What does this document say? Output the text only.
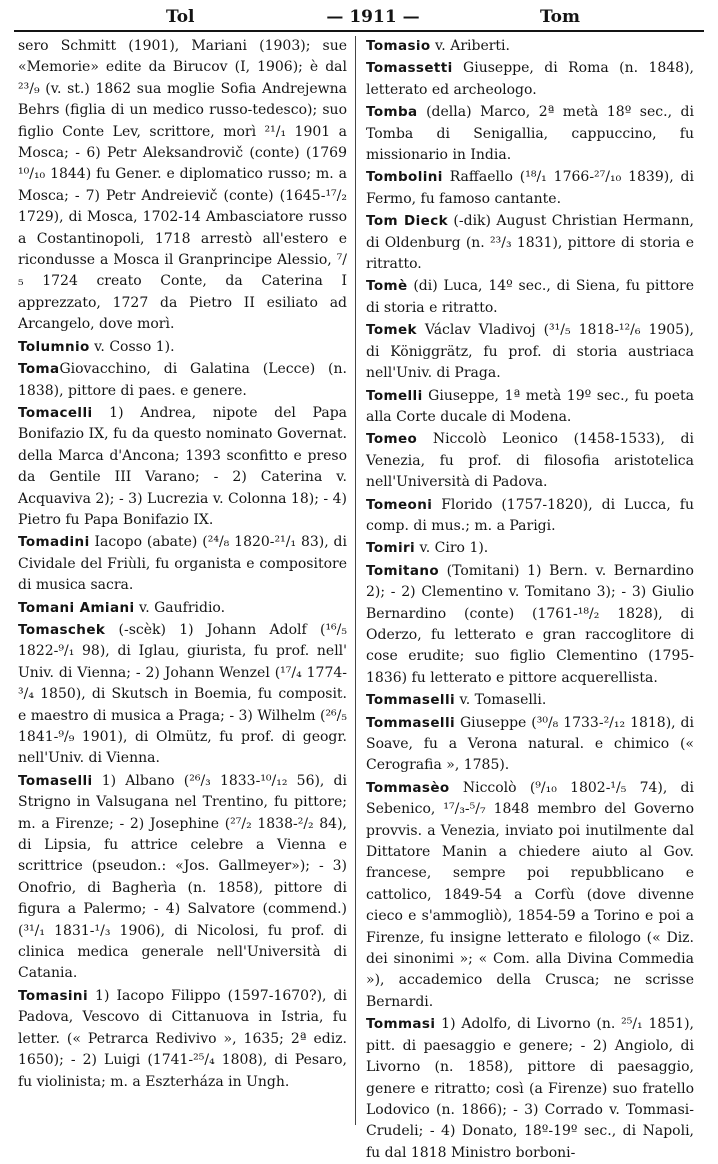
Tol	— 1911 —	Tom

sero Schmitt (1901), Mariani (1903); sue «Memorie» edite da Birucov (I, 1906); è dal ²³/₉ (v. st.) 1862 sua moglie Sofia Andrejewna Behrs (figlia di un medico russo-tedesco); suo figlio Conte Lev, scrittore, morì ²¹/₁ 1901 a Mosca; - 6) Petr Aleksandrovič (conte) (1769 ¹⁰/₁₀ 1844) fu Gener. e diplomatico russo; m. a Mosca; - 7) Petr Andreievič (conte) (1645-¹⁷/₂ 1729), di Mosca, 1702-14 Ambasciatore russo a Costantinopoli, 1718 arrestò all'estero e ricondusse a Mosca il Granprincipe Alessio, ⁷/₅ 1724 creato Conte, da Caterina I apprezzato, 1727 da Pietro II esiliato ad Arcangelo, dove morì.

Tolumnio v. Cosso 1).

TomaGiovacchino, di Galatina (Lecce) (n. 1838), pittore di paes. e genere.

Tomacelli 1) Andrea, nipote del Papa Bonifazio IX, fu da questo nominato Governat. della Marca d'Ancona; 1393 sconfitto e preso da Gentile III Varano; - 2) Caterina v. Acquaviva 2); - 3) Lucrezia v. Colonna 18); - 4) Pietro fu Papa Bonifazio IX.

Tomadini Iacopo (abate) (²⁴/₈ 1820-²¹/₁ 83), di Cividale del Friùli, fu organista e compositore di musica sacra.

Tomani Amiani v. Gaufridio.

Tomaschek (-scèk) 1) Johann Adolf (¹⁶/₅ 1822-⁹/₁ 98), di Iglau, giurista, fu prof. nell' Univ. di Vienna; - 2) Johann Wenzel (¹⁷/₄ 1774-³/₄ 1850), di Skutsch in Boemia, fu composit. e maestro di musica a Praga; - 3) Wilhelm (²⁶/₅ 1841-⁹/₉ 1901), di Olmütz, fu prof. di geogr. nell'Univ. di Vienna.

Tomaselli 1) Albano (²⁶/₃ 1833-¹⁰/₁₂ 56), di Strigno in Valsugana nel Trentino, fu pittore; m. a Firenze; - 2) Josephine (²⁷/₂ 1838-²/₂ 84), di Lipsia, fu attrice celebre a Vienna e scrittrice (pseudon.: «Jos. Gallmeyer»); - 3) Onofrio, di Bagherìa (n. 1858), pittore di figura a Palermo; - 4) Salvatore (commend.) (³¹/₁ 1831-¹/₃ 1906), di Nicolosi, fu prof. di clinica medica generale nell'Università di Catania.

Tomasini 1) Iacopo Filippo (1597-1670?), di Padova, Vescovo di Cittanuova in Istria, fu letter. (« Petrarca Redivivo », 1635; 2ª ediz. 1650); - 2) Luigi (1741-²⁵/₄ 1808), di Pesaro, fu violinista; m. a Eszterháza in Ungh.

Tomasio v. Ariberti.

Tomassetti Giuseppe, di Roma (n. 1848), letterato ed archeologo.

Tomba (della) Marco, 2ª metà 18º sec., di Tomba di Senigallia, cappuccino, fu missionario in India.

Tombolini Raffaello (¹⁸/₁ 1766-²⁷/₁₀ 1839), di Fermo, fu famoso cantante.

Tom Dieck (-dik) August Christian Hermann, di Oldenburg (n. ²³/₃ 1831), pittore di storia e ritratto.

Tomè (di) Luca, 14º sec., di Siena, fu pittore di storia e ritratto.

Tomek Václav Vladivoj (³¹/₅ 1818-¹²/₆ 1905), di Königgrätz, fu prof. di storia austriaca nell'Univ. di Praga.

Tomelli Giuseppe, 1ª metà 19º sec., fu poeta alla Corte ducale di Modena.

Tomeo Niccolò Leonico (1458-1533), di Venezia, fu prof. di filosofia aristotelica nell'Università di Padova.

Tomeoni Florido (1757-1820), di Lucca, fu comp. di mus.; m. a Parigi.

Tomiri v. Ciro 1).

Tomitano (Tomitani) 1) Bern. v. Bernardino 2); - 2) Clementino v. Tomitano 3); - 3) Giulio Bernardino (conte) (1761-¹⁸/₂ 1828), di Oderzo, fu letterato e gran raccoglitore di cose erudite; suo figlio Clementino (1795-1836) fu letterato e pittore acquerellista.

Tommaselli v. Tomaselli.

Tommaselli Giuseppe (³⁰/₈ 1733-²/₁₂ 1818), di Soave, fu a Verona natural. e chimico (« Cerografia », 1785).

Tommasèo Niccolò (⁹/₁₀ 1802-¹/₅ 74), di Sebenico, ¹⁷/₃-⁵/₇ 1848 membro del Governo provvis. a Venezia, inviato poi inutilmente dal Dittatore Manin a chiedere aiuto al Gov. francese, sempre poi repubblicano e cattolico, 1849-54 a Corfù (dove divenne cieco e s'ammogliò), 1854-59 a Torino e poi a Firenze, fu insigne letterato e filologo (« Diz. dei sinonimi »; « Com. alla Divina Commedia »), accademico della Crusca; ne scrisse Bernardi.

Tommasi 1) Adolfo, di Livorno (n. ²⁵/₁ 1851), pitt. di paesaggio e genere; - 2) Angiolo, di Livorno (n. 1858), pittore di paesaggio, genere e ritratto; così (a Firenze) suo fratello Lodovico (n. 1866); - 3) Corrado v. Tommasi-Crudeli; - 4) Donato, 18º-19º sec., di Napoli, fu dal 1818 Ministro borboni-
